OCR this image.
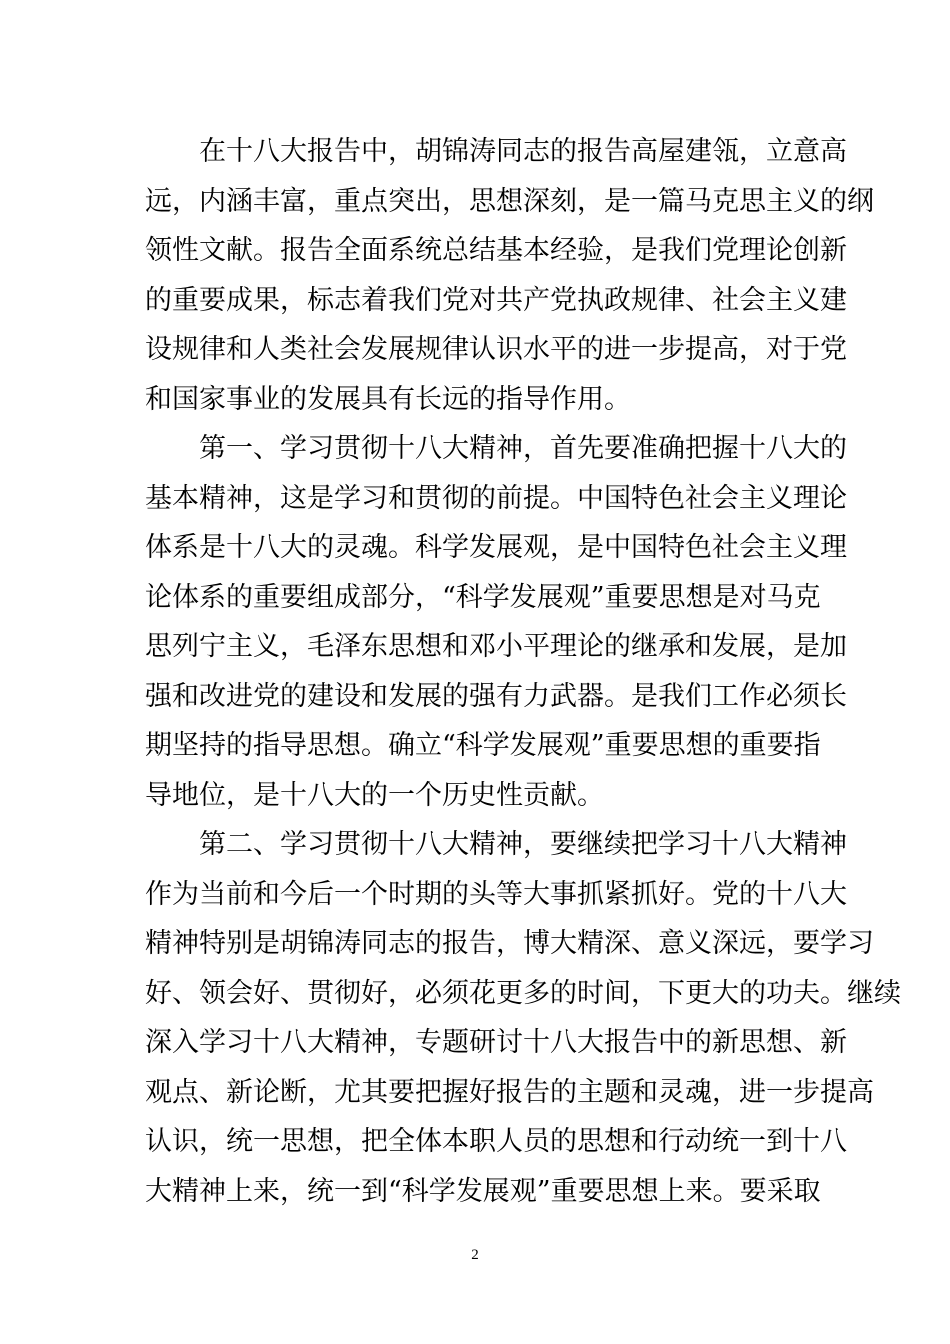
在十八大报告中，胡锦涛同志的报告高屋建瓴，立意高
远，内涵丰富，重点突出，思想深刻，是一篇马克思主义的纲
领性文献。报告全面系统总结基本经验，是我们党理论创新
的重要成果，标志着我们党对共产党执政规律、社会主义建
设规律和人类社会发展规律认识水平的进一步提高，对于党
和国家事业的发展具有长远的指导作用。
第一、学习贯彻十八大精神，首先要准确把握十八大的
基本精神，这是学习和贯彻的前提。中国特色社会主义理论
体系是十八大的灵魂。科学发展观，是中国特色社会主义理
论体系的重要组成部分，“科学发展观”重要思想是对马克
思列宁主义，毛泽东思想和邓小平理论的继承和发展，是加
强和改进党的建设和发展的强有力武器。是我们工作必须长
期坚持的指导思想。确立“科学发展观”重要思想的重要指
导地位，是十八大的一个历史性贡献。
第二、学习贯彻十八大精神，要继续把学习十八大精神
作为当前和今后一个时期的头等大事抓紧抓好。党的十八大
精神特别是胡锦涛同志的报告，博大精深、意义深远，要学习
好、领会好、贯彻好，必须花更多的时间，下更大的功夫。继续
深入学习十八大精神，专题研讨十八大报告中的新思想、新
观点、新论断，尤其要把握好报告的主题和灵魂，进一步提高
认识，统一思想，把全体本职人员的思想和行动统一到十八
大精神上来，统一到“科学发展观”重要思想上来。要采取
2
